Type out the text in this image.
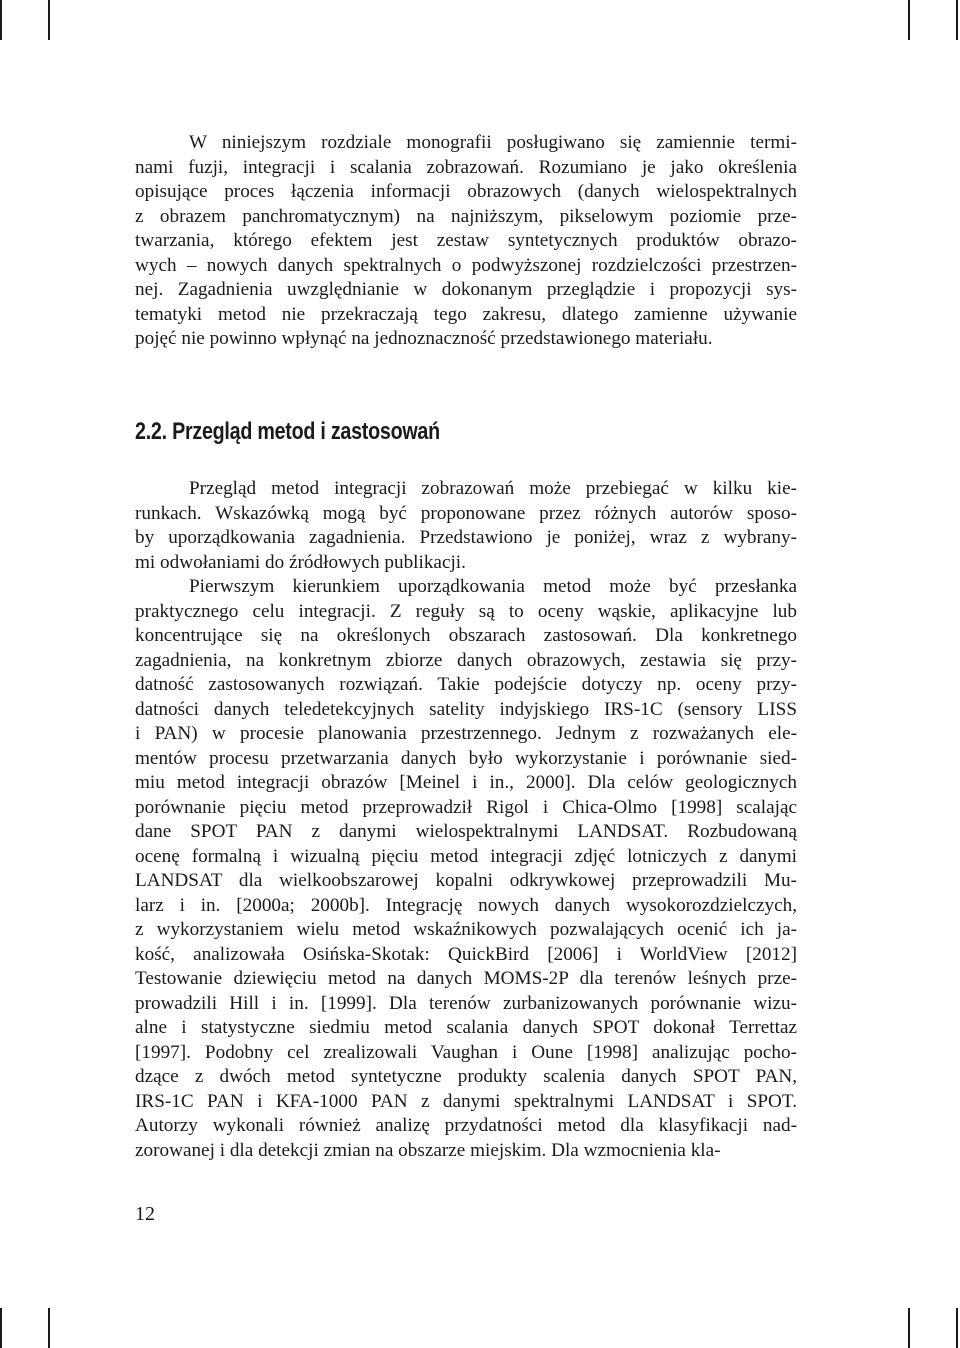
W niniejszym rozdziale monografii posługiwano się zamiennie termi-
nami fuzji, integracji i scalania zobrazowań. Rozumiano je jako określenia
opisujące proces łączenia informacji obrazowych (danych wielospektralnych
z obrazem panchromatycznym) na najniższym, pikselowym poziomie prze-
twarzania, którego efektem jest zestaw syntetycznych produktów obrazo-
wych – nowych danych spektralnych o podwyższonej rozdzielczości przestrzen-
nej. Zagadnienia uwzględnianie w dokonanym przeglądzie i propozycji sys-
tematyki metod nie przekraczają tego zakresu, dlatego zamienne używanie
pojęć nie powinno wpłynąć na jednoznaczność przedstawionego materiału.
2.2. Przegląd metod i zastosowań
Przegląd metod integracji zobrazowań może przebiegać w kilku kie-
runkach. Wskazówką mogą być proponowane przez różnych autorów sposo-
by uporządkowania zagadnienia. Przedstawiono je poniżej, wraz z wybrany-
mi odwołaniami do źródłowych publikacji.
Pierwszym kierunkiem uporządkowania metod może być przesłanka
praktycznego celu integracji. Z reguły są to oceny wąskie, aplikacyjne lub
koncentrujące się na określonych obszarach zastosowań. Dla konkretnego
zagadnienia, na konkretnym zbiorze danych obrazowych, zestawia się przy-
datność zastosowanych rozwiązań. Takie podejście dotyczy np. oceny przy-
datności danych teledetekcyjnych satelity indyjskiego IRS-1C (sensory LISS
i PAN) w procesie planowania przestrzennego. Jednym z rozważanych ele-
mentów procesu przetwarzania danych było wykorzystanie i porównanie sied-
miu metod integracji obrazów [Meinel i in., 2000]. Dla celów geologicznych
porównanie pięciu metod przeprowadził Rigol i Chica-Olmo [1998] scalając
dane SPOT PAN z danymi wielospektralnymi LANDSAT. Rozbudowaną
ocenę formalną i wizualną pięciu metod integracji zdjęć lotniczych z danymi
LANDSAT dla wielkoobszarowej kopalni odkrywkowej przeprowadzili Mu-
larz i in. [2000a; 2000b]. Integrację nowych danych wysokorozdzielczych,
z wykorzystaniem wielu metod wskaźnikowych pozwalających ocenić ich ja-
kość, analizowała Osińska-Skotak: QuickBird [2006] i WorldView [2012]
Testowanie dziewięciu metod na danych MOMS-2P dla terenów leśnych prze-
prowadzili Hill i in. [1999]. Dla terenów zurbanizowanych porównanie wizu-
alne i statystyczne siedmiu metod scalania danych SPOT dokonał Terrettaz
[1997]. Podobny cel zrealizowali Vaughan i Oune [1998] analizując pocho-
dzące z dwóch metod syntetyczne produkty scalenia danych SPOT PAN,
IRS-1C PAN i KFA-1000 PAN z danymi spektralnymi LANDSAT i SPOT.
Autorzy wykonali również analizę przydatności metod dla klasyfikacji nad-
zorowanej i dla detekcji zmian na obszarze miejskim. Dla wzmocnienia kla-
12
